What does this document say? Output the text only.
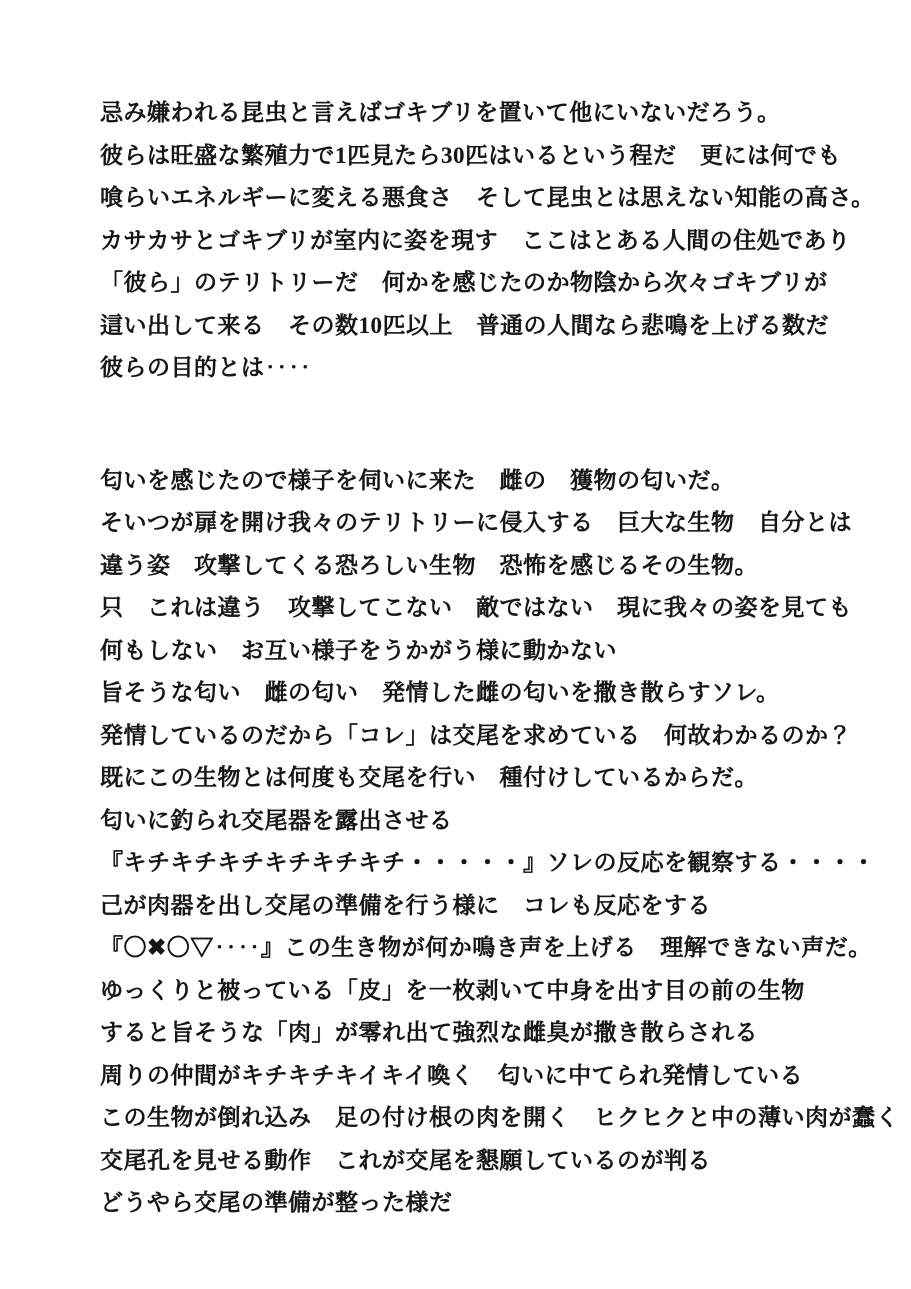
忌み嫌われる昆虫と言えばゴキブリを置いて他にいないだろう。
彼らは旺盛な繁殖力で1匹見たら30匹はいるという程だ　更には何でも
喰らいエネルギーに変える悪食さ　そして昆虫とは思えない知能の高さ。
カサカサとゴキブリが室内に姿を現す　ここはとある人間の住処であり
「彼ら」のテリトリーだ　何かを感じたのか物陰から次々ゴキブリが
這い出して来る　その数10匹以上　普通の人間なら悲鳴を上げる数だ
彼らの目的とは‥‥
匂いを感じたので様子を伺いに来た　雌の　獲物の匂いだ。
そいつが扉を開け我々のテリトリーに侵入する　巨大な生物　自分とは
違う姿　攻撃してくる恐ろしい生物　恐怖を感じるその生物。
只　これは違う　攻撃してこない　敵ではない　現に我々の姿を見ても
何もしない　お互い様子をうかがう様に動かない
旨そうな匂い　雌の匂い　発情した雌の匂いを撒き散らすソレ。
発情しているのだから「コレ」は交尾を求めている　何故わかるのか？
既にこの生物とは何度も交尾を行い　種付けしているからだ。
匂いに釣られ交尾器を露出させる
『キチキチキチキチキチキチ・・・・・』ソレの反応を観察する・・・・
己が肉器を出し交尾の準備を行う様に　コレも反応をする
『〇✖〇▽‥‥』この生き物が何か鳴き声を上げる　理解できない声だ。
ゆっくりと被っている「皮」を一枚剥いて中身を出す目の前の生物
すると旨そうな「肉」が零れ出て強烈な雌臭が撒き散らされる
周りの仲間がキチキチキイキイ喚く　匂いに中てられ発情している
この生物が倒れ込み　足の付け根の肉を開く　ヒクヒクと中の薄い肉が蠢く
交尾孔を見せる動作　これが交尾を懇願しているのが判る
どうやら交尾の準備が整った様だ
